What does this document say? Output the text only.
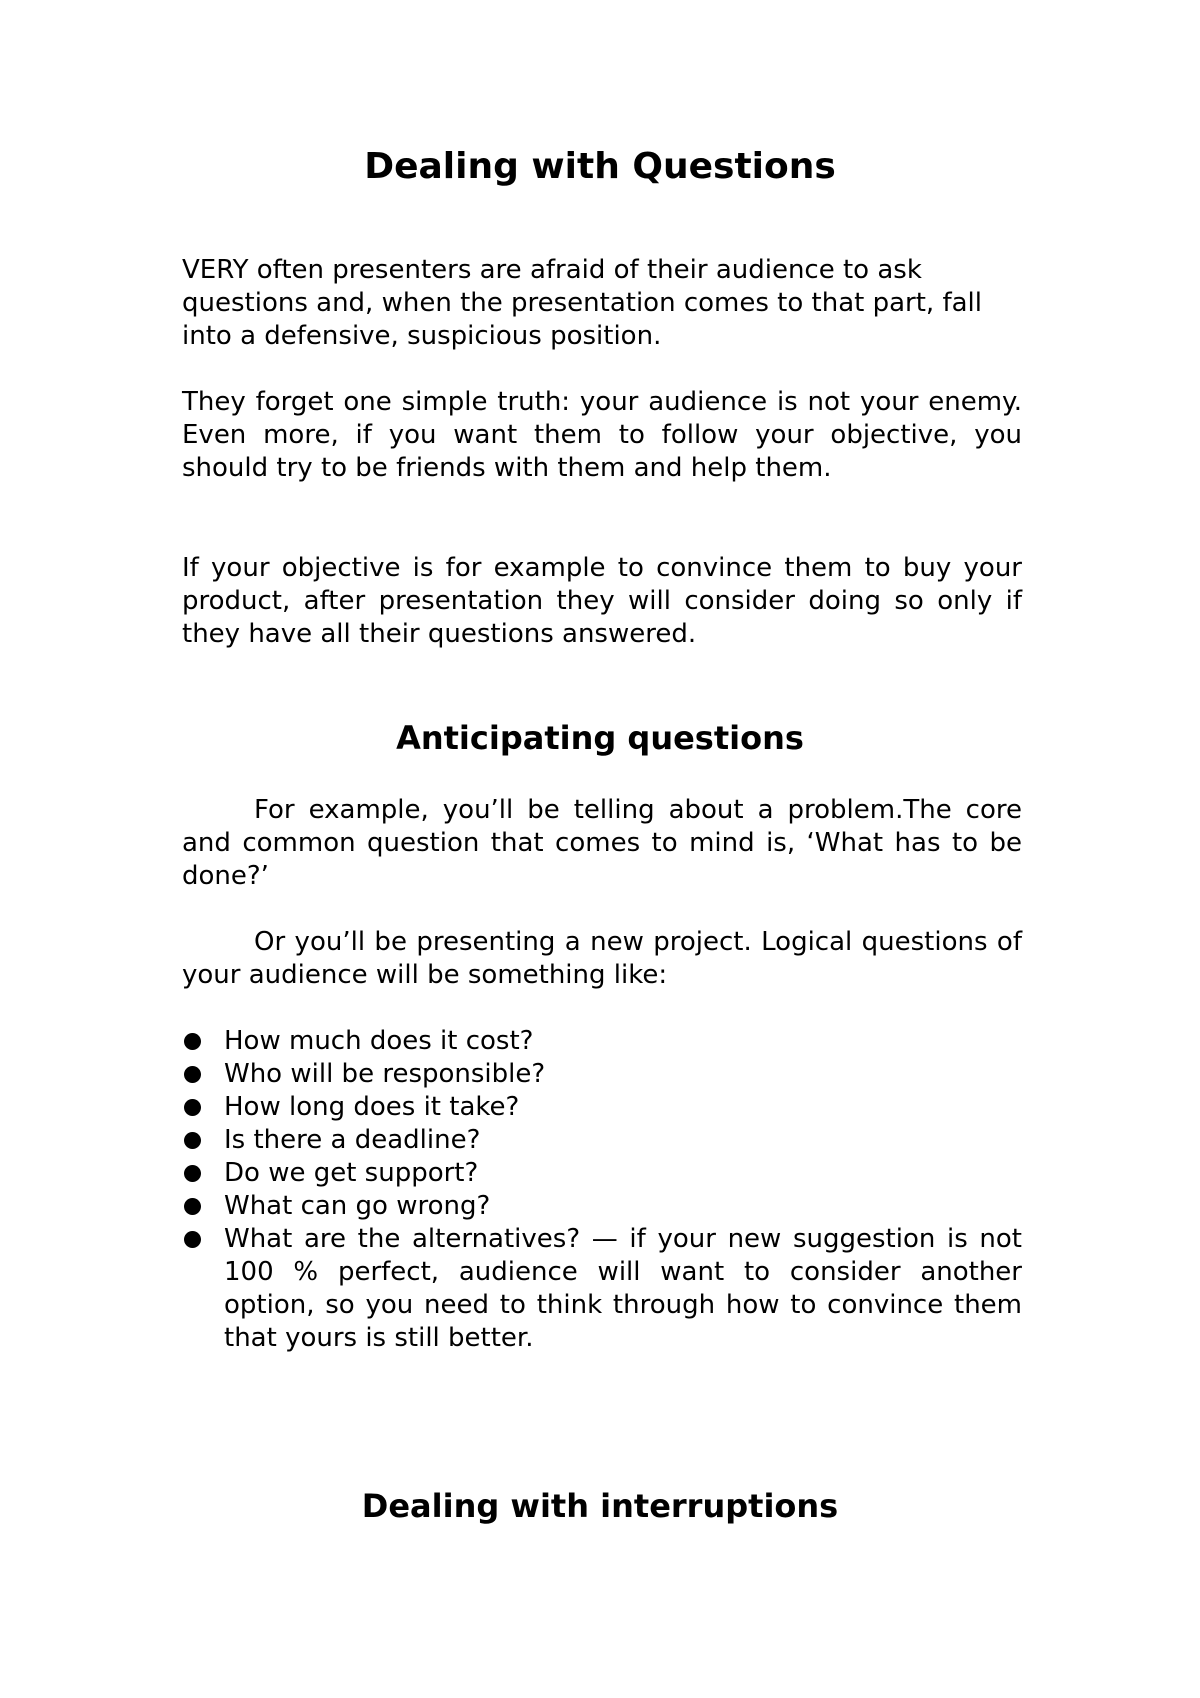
Dealing with Questions

VERY often presenters are afraid of their audience to ask questions and, when the presentation comes to that part, fall into a defensive, suspicious position.

They forget one simple truth: your audience is not your enemy. Even more, if you want them to follow your objective, you should try to be friends with them and help them.

If your objective is for example to convince them to buy your product, after presentation they will consider doing so only if they have all their questions answered.

Anticipating questions

For example, you’ll be telling about a problem.The core and common question that comes to mind is, ‘What has to be done?’

Or you’ll be presenting a new project. Logical questions of your audience will be something like:

How much does it cost?
Who will be responsible?
How long does it take?
Is there a deadline?
Do we get support?
What can go wrong?
What are the alternatives? — if your new suggestion is not 100 % perfect, audience will want to consider another option, so you need to think through how to convince them that yours is still better.
Dealing with interruptions
